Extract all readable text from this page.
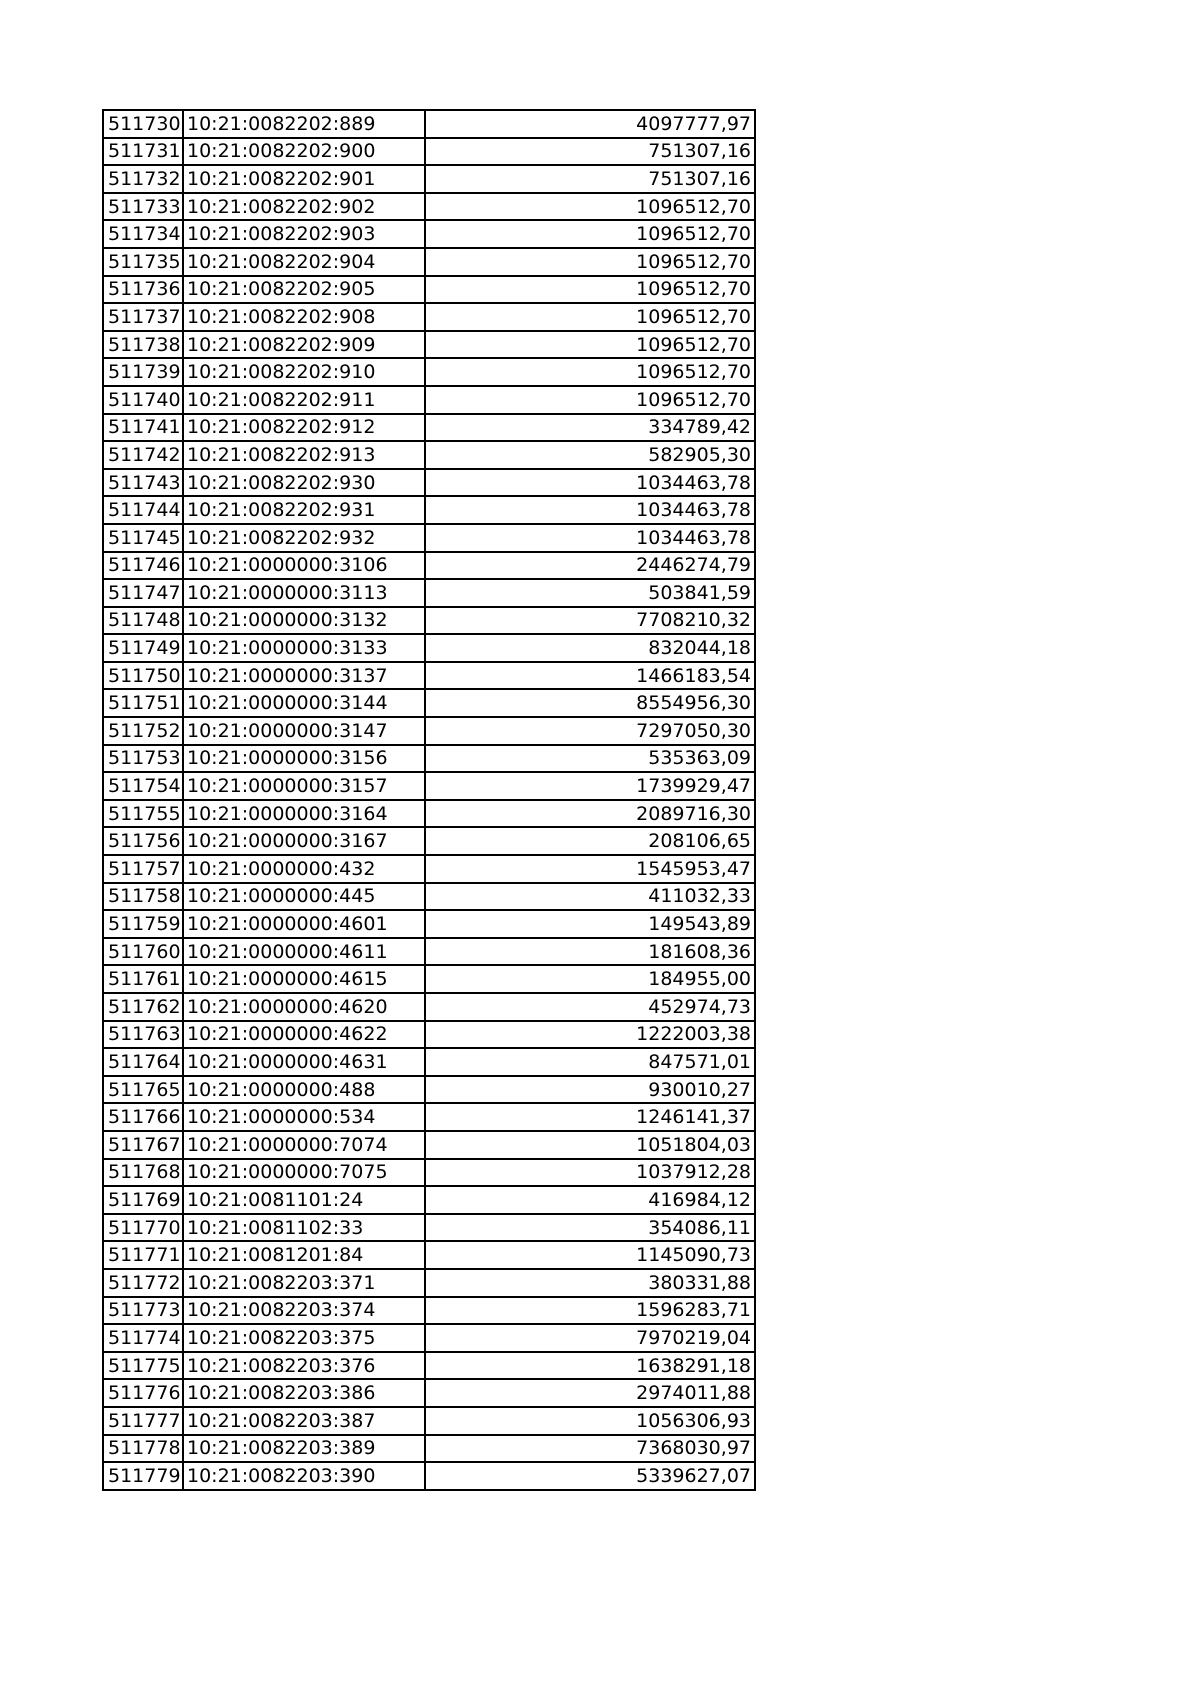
511730	10:21:0082202:889	4097777,97
511731	10:21:0082202:900	751307,16
511732	10:21:0082202:901	751307,16
511733	10:21:0082202:902	1096512,70
511734	10:21:0082202:903	1096512,70
511735	10:21:0082202:904	1096512,70
511736	10:21:0082202:905	1096512,70
511737	10:21:0082202:908	1096512,70
511738	10:21:0082202:909	1096512,70
511739	10:21:0082202:910	1096512,70
511740	10:21:0082202:911	1096512,70
511741	10:21:0082202:912	334789,42
511742	10:21:0082202:913	582905,30
511743	10:21:0082202:930	1034463,78
511744	10:21:0082202:931	1034463,78
511745	10:21:0082202:932	1034463,78
511746	10:21:0000000:3106	2446274,79
511747	10:21:0000000:3113	503841,59
511748	10:21:0000000:3132	7708210,32
511749	10:21:0000000:3133	832044,18
511750	10:21:0000000:3137	1466183,54
511751	10:21:0000000:3144	8554956,30
511752	10:21:0000000:3147	7297050,30
511753	10:21:0000000:3156	535363,09
511754	10:21:0000000:3157	1739929,47
511755	10:21:0000000:3164	2089716,30
511756	10:21:0000000:3167	208106,65
511757	10:21:0000000:432	1545953,47
511758	10:21:0000000:445	411032,33
511759	10:21:0000000:4601	149543,89
511760	10:21:0000000:4611	181608,36
511761	10:21:0000000:4615	184955,00
511762	10:21:0000000:4620	452974,73
511763	10:21:0000000:4622	1222003,38
511764	10:21:0000000:4631	847571,01
511765	10:21:0000000:488	930010,27
511766	10:21:0000000:534	1246141,37
511767	10:21:0000000:7074	1051804,03
511768	10:21:0000000:7075	1037912,28
511769	10:21:0081101:24	416984,12
511770	10:21:0081102:33	354086,11
511771	10:21:0081201:84	1145090,73
511772	10:21:0082203:371	380331,88
511773	10:21:0082203:374	1596283,71
511774	10:21:0082203:375	7970219,04
511775	10:21:0082203:376	1638291,18
511776	10:21:0082203:386	2974011,88
511777	10:21:0082203:387	1056306,93
511778	10:21:0082203:389	7368030,97
511779	10:21:0082203:390	5339627,07
